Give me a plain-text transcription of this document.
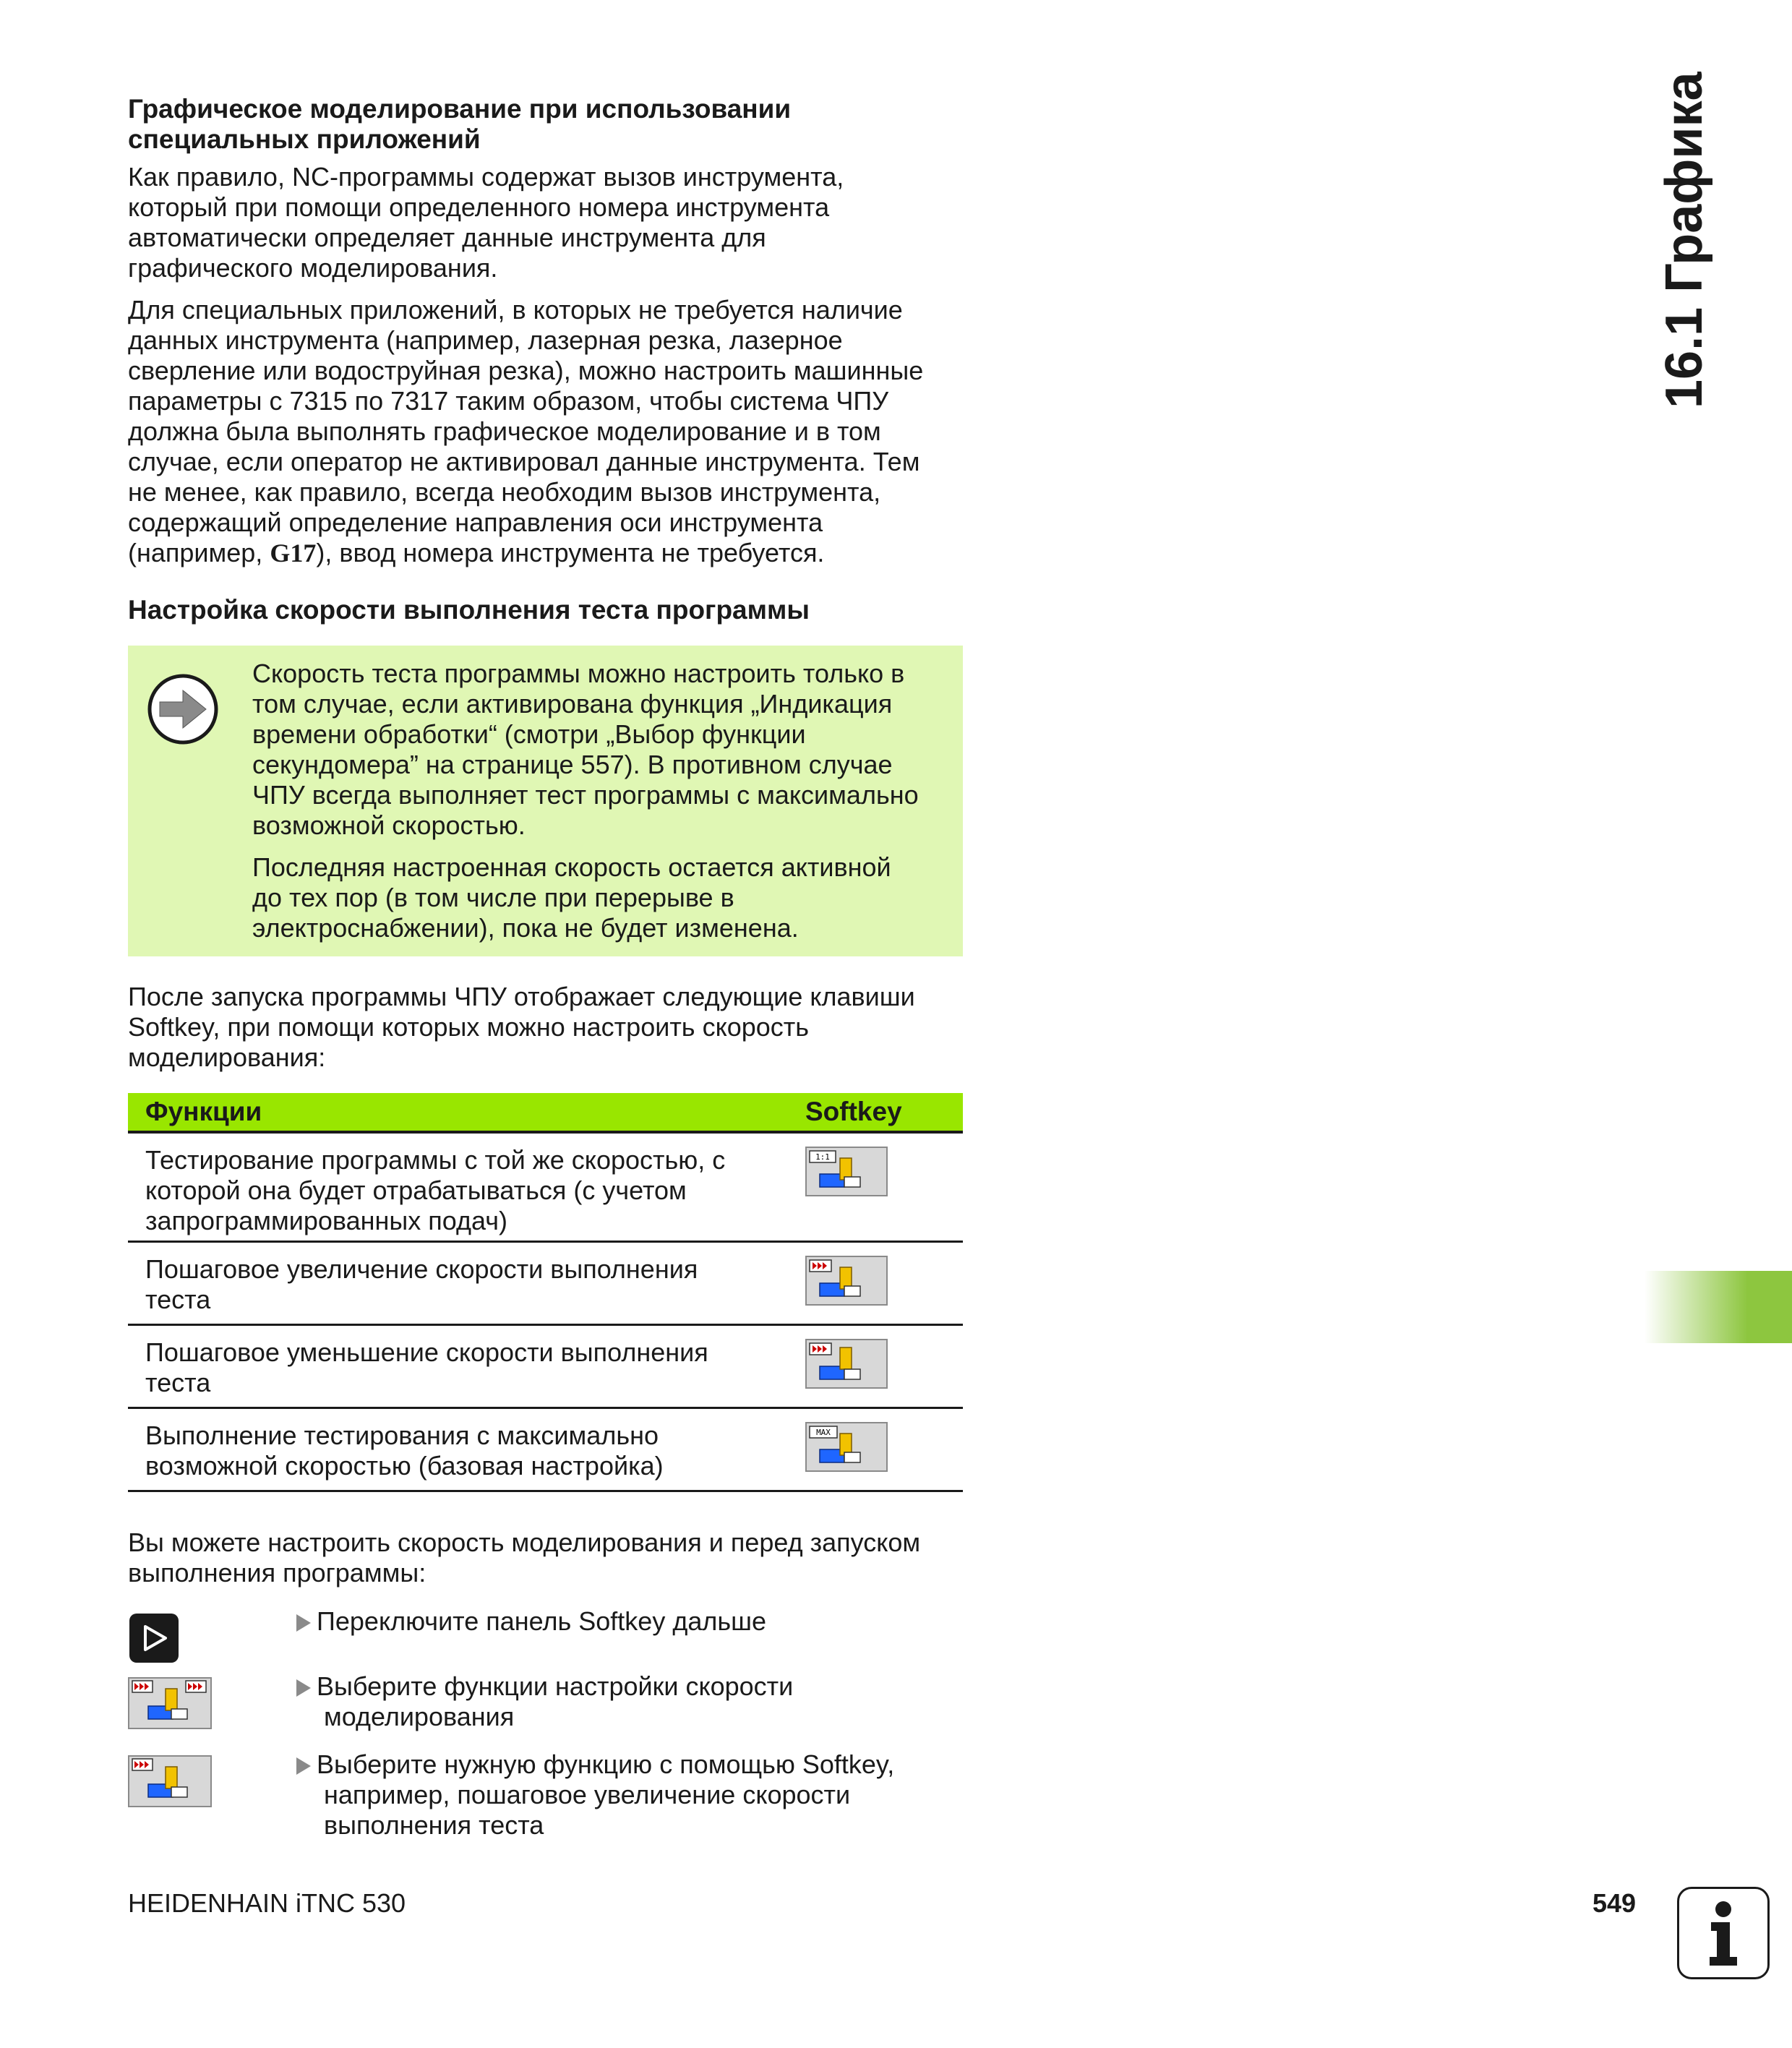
16.1 Графика
Графическое моделирование при использовании
специальных приложений
Как правило, NC-программы содержат вызов инструмента,
который при помощи определенного номера инструмента
автоматически определяет данные инструмента для
графического моделирования.
Для специальных приложений, в которых не требуется наличие
данных инструмента (например, лазерная резка, лазерное
сверление или водоструйная резка), можно настроить машинные
параметры с 7315 по 7317 таким образом, чтобы система ЧПУ
должна была выполнять графическое моделирование и в том
случае, если оператор не активировал данные инструмента. Тем
не менее, как правило, всегда необходим вызов инструмента,
содержащий определение направления оси инструмента
(например, G17), ввод номера инструмента не требуется.
Настройка скорости выполнения теста программы
Скорость теста программы можно настроить только в
том случае, если активирована функция „Индикация
времени обработки“ (смотри „Выбор функции
секундомера” на странице 557). В противном случае
ЧПУ всегда выполняет тест программы с максимально
возможной скоростью.
Последняя настроенная скорость остается активной
до тех пор (в том числе при перерыве в
электроснабжении), пока не будет изменена.
После запуска программы ЧПУ отображает следующие клавиши
Softkey, при помощи которых можно настроить скорость
моделирования:
Функции	Softkey
Тестирование программы с той же скоростью, с
которой она будет отрабатываться (с учетом
запрограммированных подач)
1:1
Пошаговое увеличение скорости выполнения
теста
Пошаговое уменьшение скорости выполнения
теста
Выполнение тестирования с максимально
возможной скоростью (базовая настройка)
MAX
Вы можете настроить скорость моделирования и перед запуском
выполнения программы:
Переключите панель Softkey дальше
Выберите функции настройки скорости
моделирования
Выберите нужную функцию с помощью Softkey,
например, пошаговое увеличение скорости
выполнения теста
HEIDENHAIN iTNC 530	549
